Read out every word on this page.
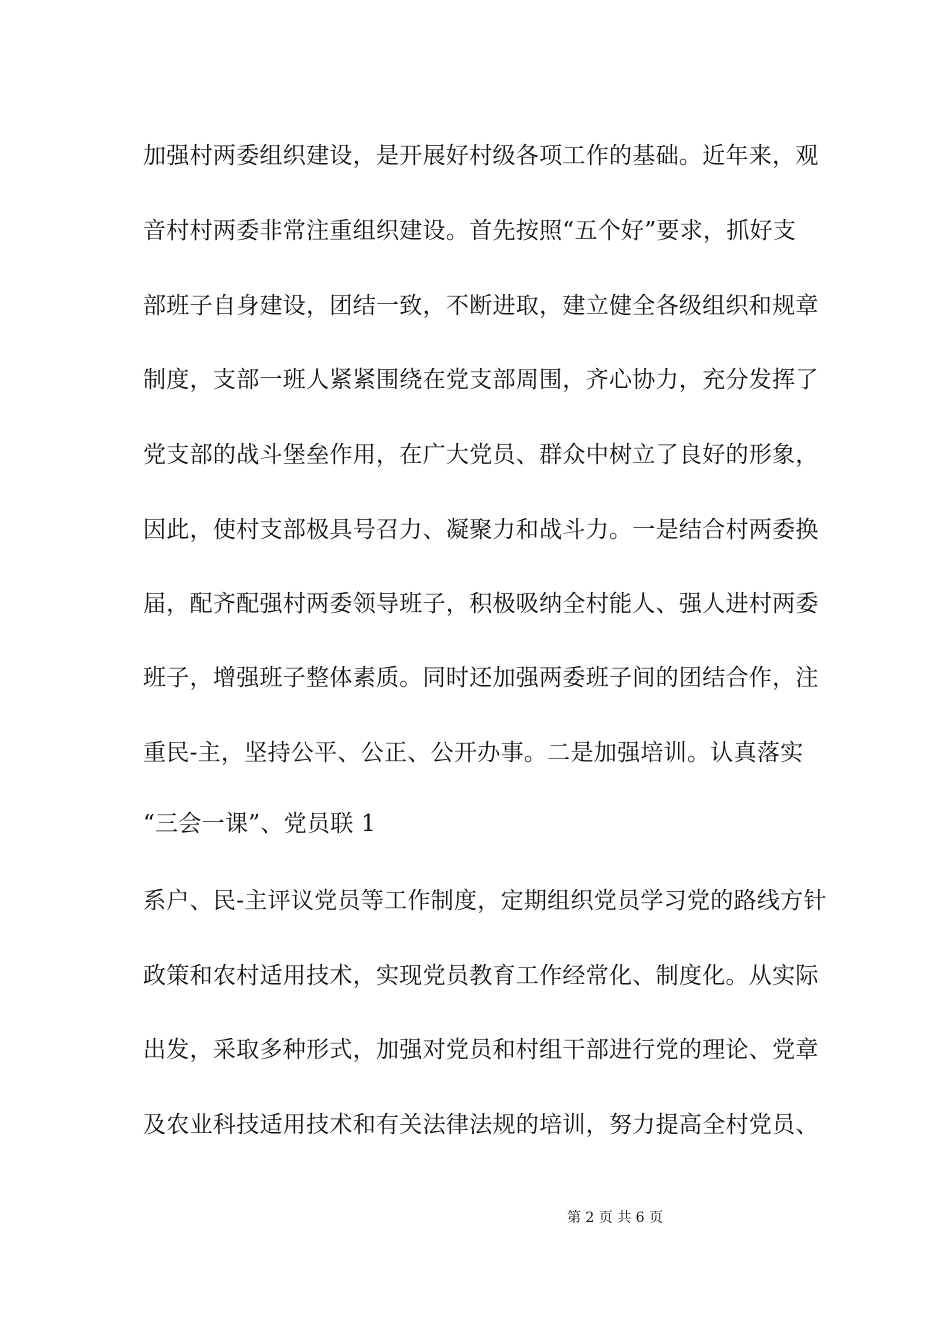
加强村两委组织建设，是开展好村级各项工作的基础。近年来，观
音村村两委非常注重组织建设。首先按照“五个好”要求，抓好支
部班子自身建设，团结一致，不断进取，建立健全各级组织和规章
制度，支部一班人紧紧围绕在党支部周围，齐心协力，充分发挥了
党支部的战斗堡垒作用，在广大党员、群众中树立了良好的形象，
因此，使村支部极具号召力、凝聚力和战斗力。一是结合村两委换
届，配齐配强村两委领导班子，积极吸纳全村能人、强人进村两委
班子，增强班子整体素质。同时还加强两委班子间的团结合作，注
重民-主，坚持公平、公正、公开办事。二是加强培训。认真落实
“三会一课”、党员联 1
系户、民-主评议党员等工作制度，定期组织党员学习党的路线方针
政策和农村适用技术，实现党员教育工作经常化、制度化。从实际
出发，采取多种形式，加强对党员和村组干部进行党的理论、党章
及农业科技适用技术和有关法律法规的培训，努力提高全村党员、
第 2 页 共 6 页
